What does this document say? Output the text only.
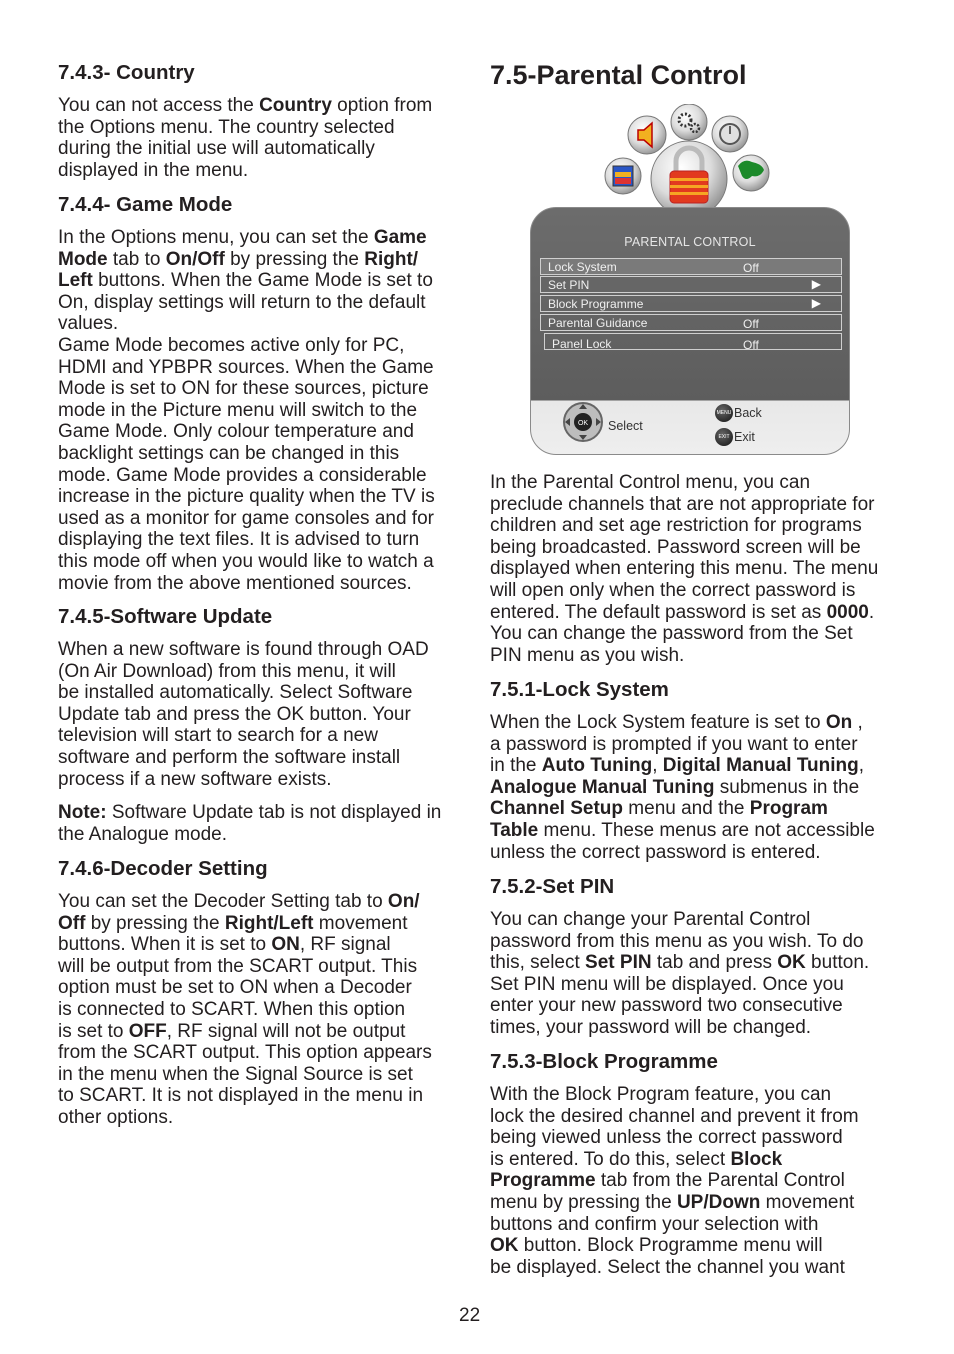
7.4.3- Country
You can not access the Country option from
the Options menu. The country selected
during the initial use will automatically
displayed in the menu.
7.4.4- Game Mode
In the Options menu, you can set the Game
Mode tab to On/Off by pressing the Right/
Left buttons. When the Game Mode is set to
On, display settings will return to the default
values.
Game Mode becomes active only for PC,
HDMI and YPBPR sources. When the Game
Mode is set to ON for these sources, picture
mode in the Picture menu will switch to the
Game Mode. Only colour temperature and
backlight settings can be changed in this
mode. Game Mode provides a considerable
increase in the picture quality when the TV is
used as a monitor for game consoles and for
displaying the text files. It is advised to turn
this mode off when you would like to watch a
movie from the above mentioned sources.
7.4.5-Software Update
When a new software is found through OAD
(On Air Download) from this menu, it will
be installed automatically. Select Software
Update tab and press the OK button. Your
television will start to search for a new
software and perform the software install
process if a new software exists.
Note: Software Update tab is not displayed in
the Analogue mode.
7.4.6-Decoder Setting
You can set the Decoder Setting tab to On/
Off by pressing the Right/Left movement
buttons. When it is set to ON, RF signal
will be output from the SCART output. This
option must be set to ON when a Decoder
is connected to SCART. When this option
is set to OFF, RF signal will not be output
from the SCART output. This option appears
in the menu when the Signal Source is set
to SCART. It is not displayed in the menu in
other options.
7.5-Parental Control
PARENTAL CONTROL
Lock System	Off
Set PIN	▶
Block Programme	▶
Parental Guidance	Off
Panel Lock	Off
OK Select
MENU Back
EXIT Exit
In the Parental Control menu, you can
preclude channels that are not appropriate for
children and set age restriction for programs
being broadcasted. Password screen will be
displayed when entering this menu. The menu
will open only when the correct password is
entered. The default password is set as 0000.
You can change the password from the Set
PIN menu as you wish.
7.5.1-Lock System
When the Lock System feature is set to On ,
a password is prompted if you want to enter
in the Auto Tuning, Digital Manual Tuning,
Analogue Manual Tuning submenus in the
Channel Setup menu and the Program
Table menu. These menus are not accessible
unless the correct password is entered.
7.5.2-Set PIN
You can change your Parental Control
password from this menu as you wish. To do
this, select Set PIN tab and press OK button.
Set PIN menu will be displayed. Once you
enter your new password two consecutive
times, your password will be changed.
7.5.3-Block Programme
With the Block Program feature, you can
lock the desired channel and prevent it from
being viewed unless the correct password
is entered. To do this, select Block
Programme tab from the Parental Control
menu by pressing the UP/Down movement
buttons and confirm your selection with
OK button. Block Programme menu will
be displayed. Select the channel you want
22
